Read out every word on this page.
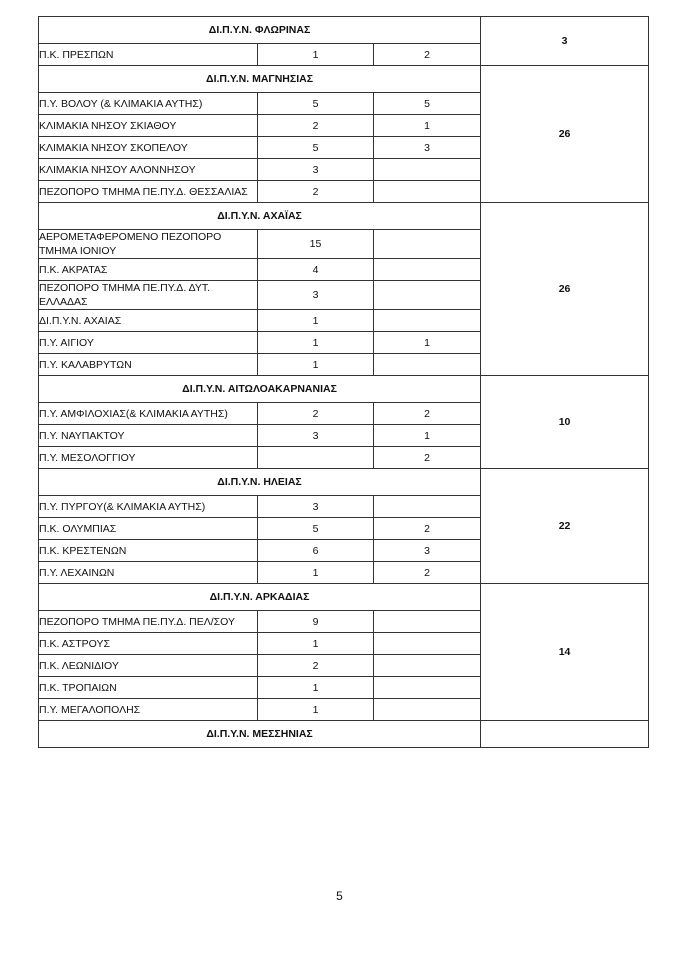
ΔΙ.Π.Υ.Ν. ΦΛΩΡΙΝΑΣ			3
Π.Κ. ΠΡΕΣΠΩΝ	1	2	
ΔΙ.Π.Υ.Ν. ΜΑΓΝΗΣΙΑΣ			26
Π.Υ. ΒΟΛΟΥ (& ΚΛΙΜΑΚΙΑ ΑΥΤΗΣ)	5	5	
ΚΛΙΜΑΚΙΑ ΝΗΣΟΥ ΣΚΙΑΘΟΥ	2	1	
ΚΛΙΜΑΚΙΑ ΝΗΣΟΥ ΣΚΟΠΕΛΟΥ	5	3	
ΚΛΙΜΑΚΙΑ ΝΗΣΟΥ ΑΛΟΝΝΗΣΟΥ	3		
ΠΕΖΟΠΟΡΟ ΤΜΗΜΑ ΠΕ.ΠΥ.Δ. ΘΕΣΣΑΛΙΑΣ	2		
ΔΙ.Π.Υ.Ν. ΑΧΑΪΑΣ			26
ΑΕΡΟΜΕΤΑΦΕΡΟΜΕΝΟ ΠΕΖΟΠΟΡΟ ΤΜΗΜΑ ΙΟΝΙΟΥ	15		
Π.Κ. ΑΚΡΑΤΑΣ	4		
ΠΕΖΟΠΟΡΟ ΤΜΗΜΑ ΠΕ.ΠΥ.Δ. ΔΥΤ. ΕΛΛΑΔΑΣ	3		
ΔΙ.Π.Υ.Ν. ΑΧΑΙΑΣ	1		
Π.Υ. ΑΙΓΙΟΥ	1	1	
Π.Υ. ΚΑΛΑΒΡΥΤΩΝ	1		
ΔΙ.Π.Υ.Ν. ΑΙΤΩΛΟΑΚΑΡΝΑΝΙΑΣ			10
Π.Υ. ΑΜΦΙΛΟΧΙΑΣ(& ΚΛΙΜΑΚΙΑ ΑΥΤΗΣ)	2	2	
Π.Υ. ΝΑΥΠΑΚΤΟΥ	3	1	
Π.Υ. ΜΕΣΟΛΟΓΓΙΟΥ		2	
ΔΙ.Π.Υ.Ν. ΗΛΕΙΑΣ			22
Π.Υ. ΠΥΡΓΟΥ(& ΚΛΙΜΑΚΙΑ ΑΥΤΗΣ)	3		
Π.Κ. ΟΛΥΜΠΙΑΣ	5	2	
Π.Κ. ΚΡΕΣΤΕΝΩΝ	6	3	
Π.Υ. ΛΕΧΑΙΝΩΝ	1	2	
ΔΙ.Π.Υ.Ν. ΑΡΚΑΔΙΑΣ			14
ΠΕΖΟΠΟΡΟ ΤΜΗΜΑ ΠΕ.ΠΥ.Δ. ΠΕΛ/ΣΟΥ	9		
Π.Κ. ΑΣΤΡΟΥΣ	1		
Π.Κ. ΛΕΩΝΙΔΙΟΥ	2		
Π.Κ. ΤΡΟΠΑΙΩΝ	1		
Π.Υ. ΜΕΓΑΛΟΠΟΛΗΣ	1		
ΔΙ.Π.Υ.Ν. ΜΕΣΣΗΝΙΑΣ			
5
